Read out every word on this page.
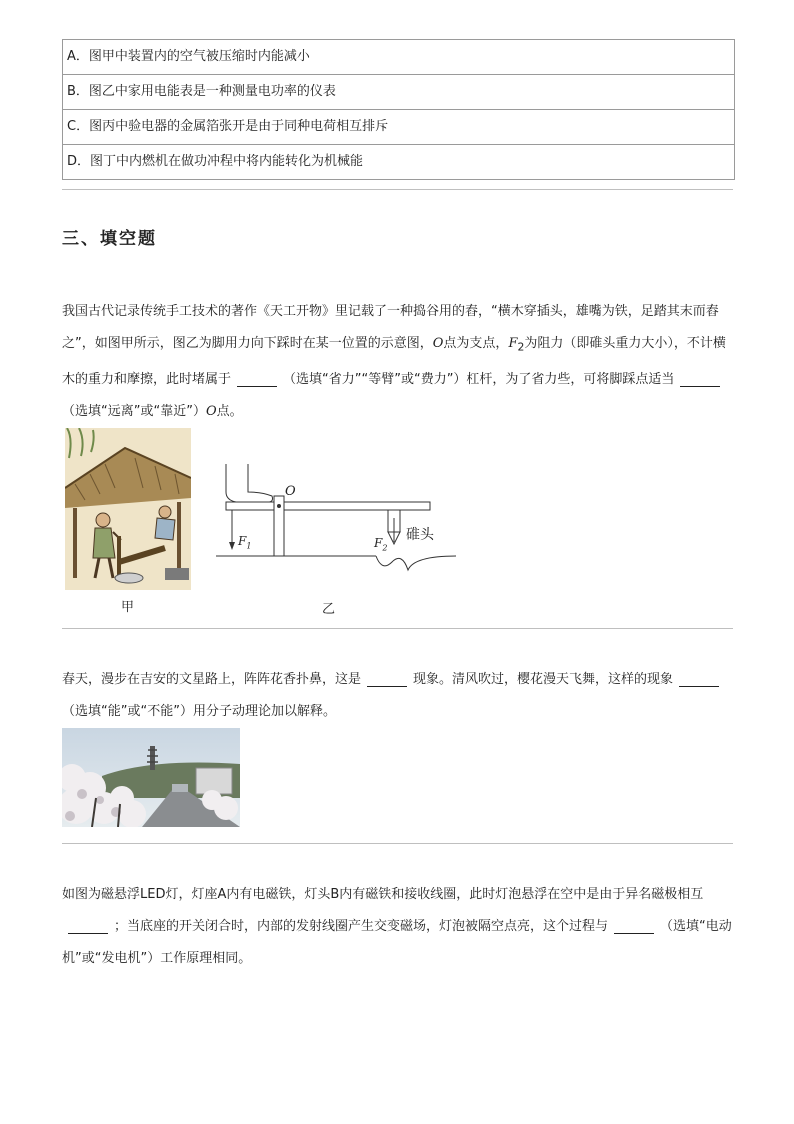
A．图甲中装置内的空气被压缩时内能减小
B．图乙中家用电能表是一种测量电功率的仪表
C．图丙中验电器的金属箔张开是由于同种电荷相互排斥
D．图丁中内燃机在做功冲程中将内能转化为机械能
三、填空题
我国古代记录传统手工技术的著作《天工开物》里记载了一种捣谷用的舂，“横木穿插头，雄嘴为铁，足踏其末而舂之”，如图甲所示，图乙为脚用力向下踩时在某一位置的示意图，O点为支点，$F_2$为阻力（即碓头重力大小），不计横木的重力和摩擦，此时堵属于	（选填“省力”“等臂”或“费力”）杠杆，为了省力些，可将脚踩点适当（选填“远离”或“靠近”）O点。
甲
O
$F_1$	$F_2$
碓头
乙
春天，漫步在吉安的文星路上，阵阵花香扑鼻，这是	现象。清风吹过，樱花漫天飞舞，这样的现象（选填“能”或“不能”）用分子动理论加以解释。
如图为磁悬浮LED灯，灯座A内有电磁铁，灯头B内有磁铁和接收线圈，此时灯泡悬浮在空中是由于异名磁极相互；当底座的开关闭合时，内部的发射线圈产生交变磁场，灯泡被隔空点亮，这个过程与	（选填“电动机”或“发电机”）工作原理相同。
